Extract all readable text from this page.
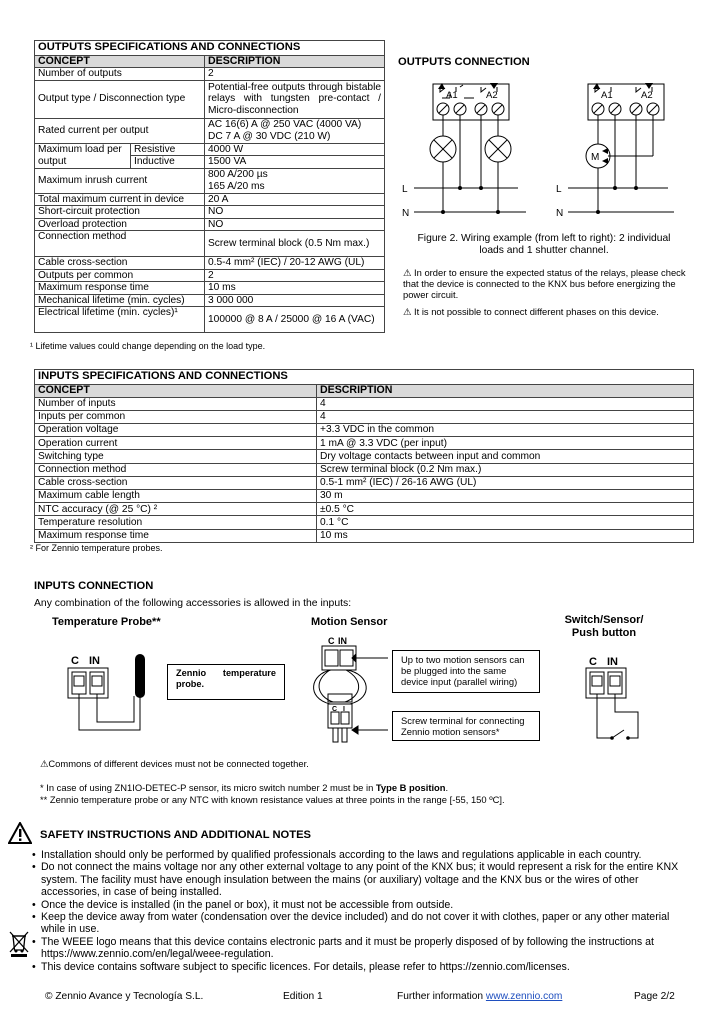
OUTPUTS SPECIFICATIONS AND CONNECTIONS		
CONCEPT		DESCRIPTION
Number of outputs		2
Output type / Disconnection type		Potential-free outputs through bistable relays with tungsten pre-contact / Micro-disconnection
Rated current per output		AC 16(6) A @ 250 VAC (4000 VA)
DC 7 A @ 30 VDC (210 W)

Maximum load per output	Resistive	4000 W
	Inductive	1500 VA
Maximum inrush current		800 A/200 µs
165 A/20 ms

Total maximum current in device		20 A
Short-circuit protection		NO
Overload protection		NO
Connection method		Screw terminal block (0.5 Nm max.)
Cable cross-section		0.5-4 mm² (IEC) / 20-12 AWG (UL)
Outputs per common		2
Maximum response time		10 ms
Mechanical lifetime (min. cycles)		3 000 000
Electrical lifetime (min. cycles)¹		100000 @ 8 A / 25000 @ 16 A (VAC)
¹ Lifetime values could change depending on the load type.
OUTPUTS CONNECTION
A1	A2	A1	A2
L
N
L
N
M
Figure 2. Wiring example (from left to right): 2 individual
loads and 1 shutter channel.
⚠ In order to ensure the expected status of the relays, please check that the device is connected to the KNX bus before energizing the power circuit.
⚠ It is not possible to connect different phases on this device.
INPUTS SPECIFICATIONS AND CONNECTIONS	
CONCEPT	DESCRIPTION
Number of inputs	4
Inputs per common	4
Operation voltage	+3.3 VDC in the common
Operation current	1 mA @ 3.3 VDC (per input)
Switching type	Dry voltage contacts between input and common
Connection method	Screw terminal block (0.2 Nm max.)
Cable cross-section	0.5-1 mm² (IEC) / 26-16 AWG (UL)
Maximum cable length	30 m
NTC accuracy (@ 25 °C) ²	±0.5 °C
Temperature resolution	0.1 °C
Maximum response time	10 ms
² For Zennio temperature probes.
INPUTS CONNECTION
Any combination of the following accessories is allowed in the inputs:
Temperature Probe**	Motion Sensor	Switch/Sensor/
Push button
C IN
Zennio temperature
probe.
C IN
C I
Up to two motion sensors can be plugged into the same device input (parallel wiring)
Screw terminal for connecting Zennio motion sensors*
C IN
⚠Commons of different devices must not be connected together.
* In case of using ZN1IO-DETEC-P sensor, its micro switch number 2 must be in Type B position.
** Zennio temperature probe or any NTC with known resistance values at three points in the range [-55, 150 ºC].
SAFETY INSTRUCTIONS AND ADDITIONAL NOTES
• Installation should only be performed by qualified professionals according to the laws and regulations applicable in each country.
• Do not connect the mains voltage nor any other external voltage to any point of the KNX bus; it would represent a risk for the entire KNX system. The facility must have enough insulation between the mains (or auxiliary) voltage and the KNX bus or the wires of other accessories, in case of being installed.
• Once the device is installed (in the panel or box), it must not be accessible from outside.
• Keep the device away from water (condensation over the device included) and do not cover it with clothes, paper or any other material while in use.
• The WEEE logo means that this device contains electronic parts and it must be properly disposed of by following the instructions at https://www.zennio.com/en/legal/weee-regulation.
• This device contains software subject to specific licences. For details, please refer to https://zennio.com/licenses.
© Zennio Avance y Tecnología S.L.	Edition 1	Further information www.zennio.com	Page 2/2
